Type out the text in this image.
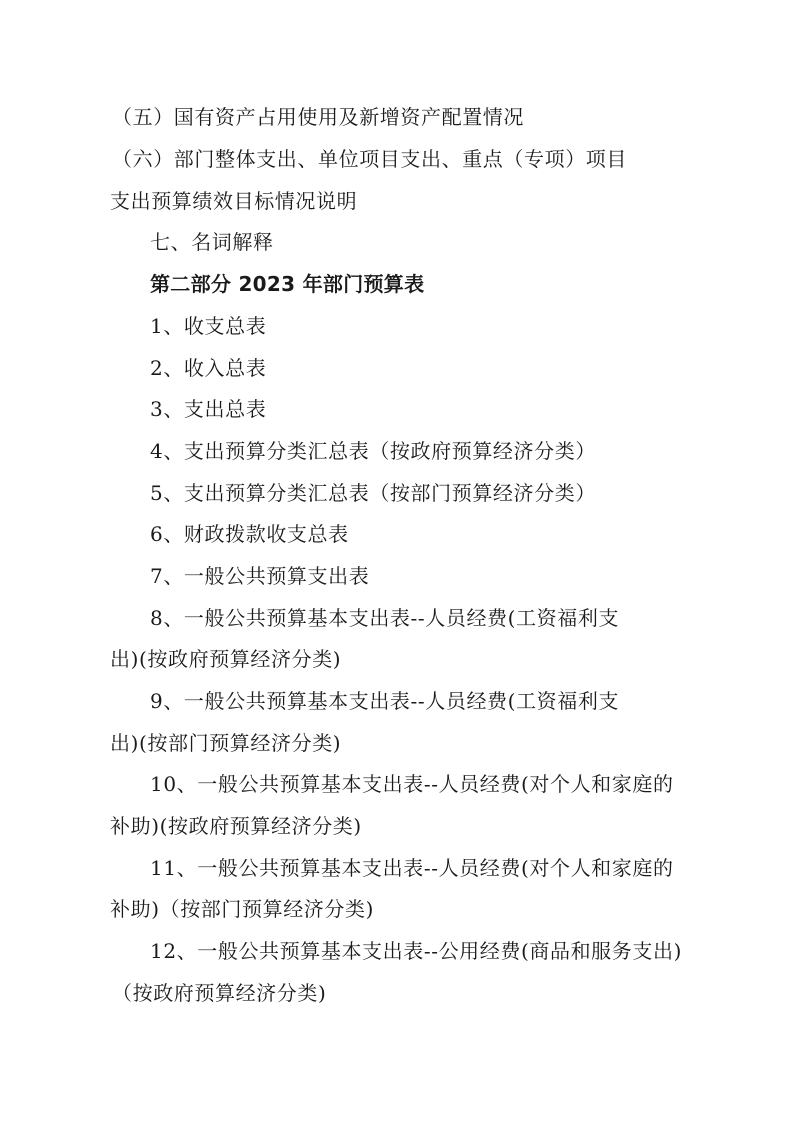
（五）国有资产占用使用及新增资产配置情况
（六）部门整体支出、单位项目支出、重点（专项）项目
支出预算绩效目标情况说明
七、名词解释
第二部分 2023 年部门预算表
1、收支总表
2、收入总表
3、支出总表
4、支出预算分类汇总表（按政府预算经济分类）
5、支出预算分类汇总表（按部门预算经济分类）
6、财政拨款收支总表
7、一般公共预算支出表
8、一般公共预算基本支出表--人员经费(工资福利支
出)(按政府预算经济分类)
9、一般公共预算基本支出表--人员经费(工资福利支
出)(按部门预算经济分类)
10、一般公共预算基本支出表--人员经费(对个人和家庭的
补助)(按政府预算经济分类)
11、一般公共预算基本支出表--人员经费(对个人和家庭的
补助)（按部门预算经济分类)
12、一般公共预算基本支出表--公用经费(商品和服务支出)
（按政府预算经济分类)
